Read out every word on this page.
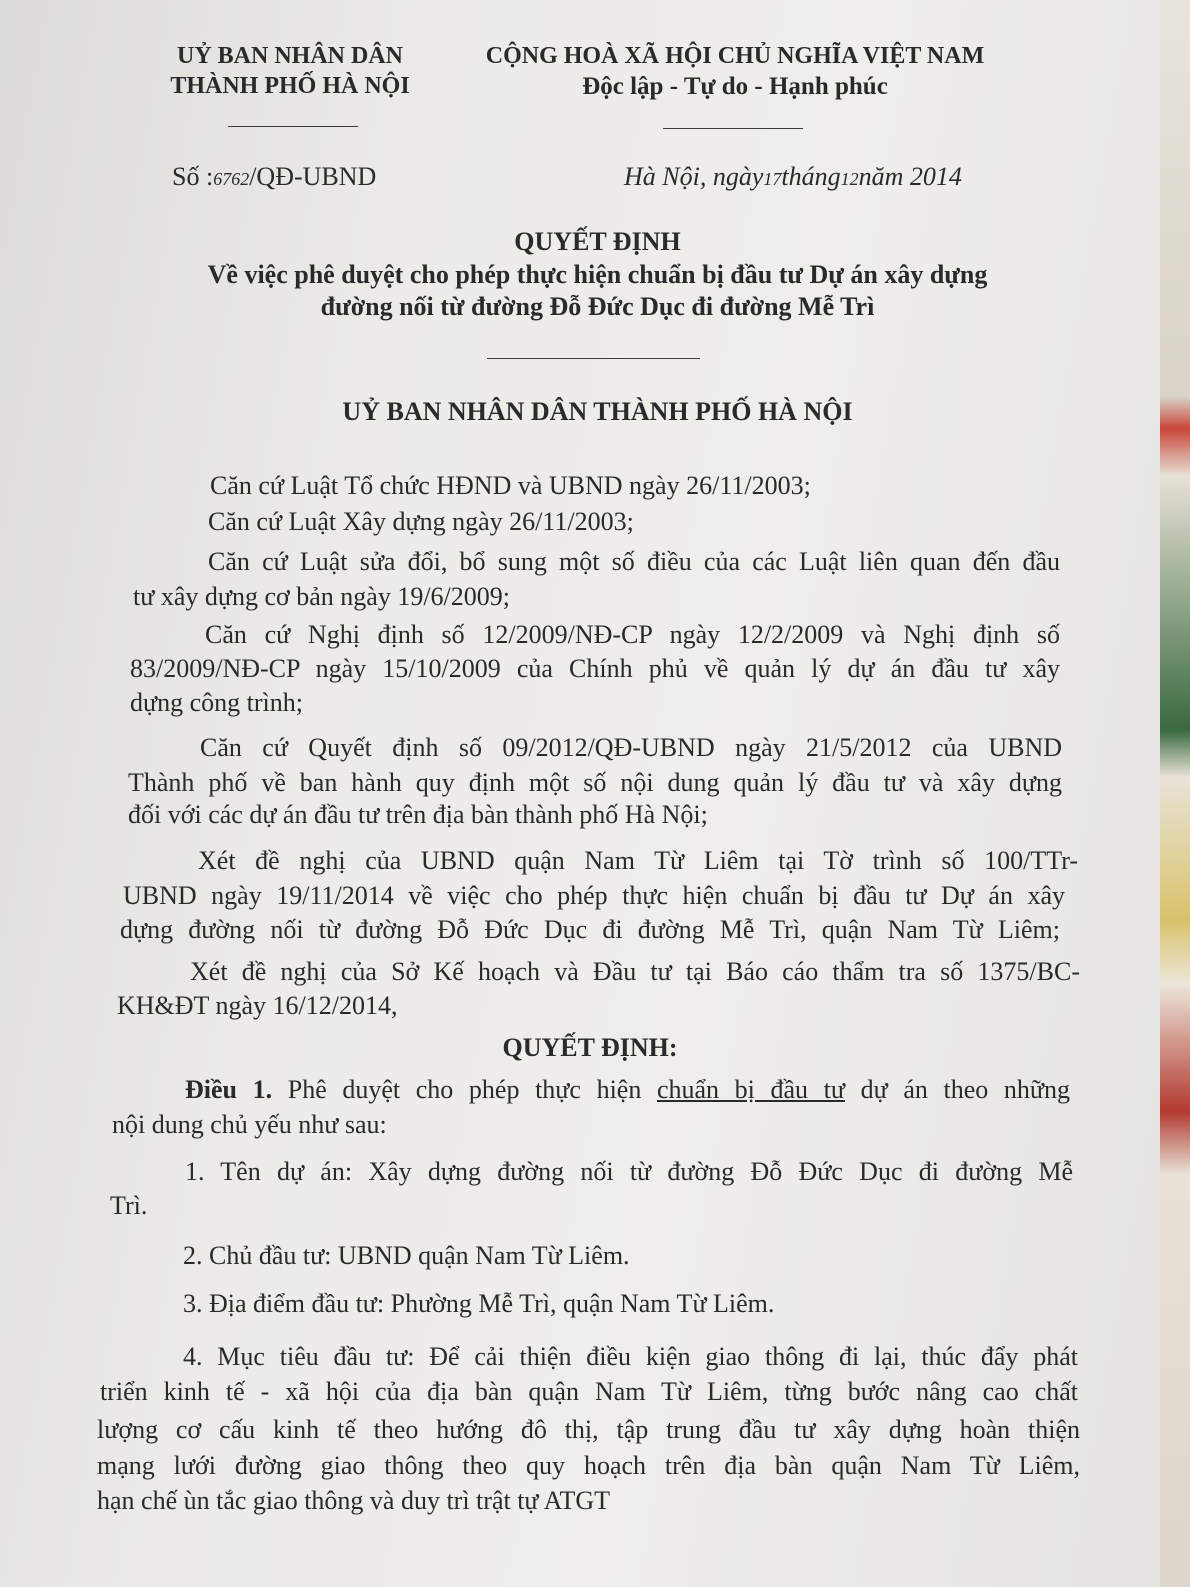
UỶ BAN NHÂN DÂN
THÀNH PHỐ HÀ NỘI
CỘNG HOÀ XÃ HỘI CHỦ NGHĨA VIỆT NAM
Độc lập - Tự do - Hạnh phúc
Số :6762/QĐ-UBND	Hà Nội, ngày17tháng12năm 2014
QUYẾT ĐỊNH
Về việc phê duyệt cho phép thực hiện chuẩn bị đầu tư Dự án xây dựng
đường nối từ đường Đỗ Đức Dục đi đường Mễ Trì
UỶ BAN NHÂN DÂN THÀNH PHỐ HÀ NỘI
Căn cứ Luật Tổ chức HĐND và UBND ngày 26/11/2003;
Căn cứ Luật Xây dựng ngày 26/11/2003;
Căn cứ Luật sửa đổi, bổ sung một số điều của các Luật liên quan đến đầu
tư xây dựng cơ bản ngày 19/6/2009;
Căn cứ Nghị định số 12/2009/NĐ-CP ngày 12/2/2009 và Nghị định số
83/2009/NĐ-CP ngày 15/10/2009 của Chính phủ về quản lý dự án đầu tư xây
dựng công trình;
Căn cứ Quyết định số 09/2012/QĐ-UBND ngày 21/5/2012 của UBND
Thành phố về ban hành quy định một số nội dung quản lý đầu tư và xây dựng
đối với các dự án đầu tư trên địa bàn thành phố Hà Nội;
Xét đề nghị của UBND quận Nam Từ Liêm tại Tờ trình số 100/TTr-
UBND ngày 19/11/2014 về việc cho phép thực hiện chuẩn bị đầu tư Dự án xây
dựng đường nối từ đường Đỗ Đức Dục đi đường Mễ Trì, quận Nam Từ Liêm;
Xét đề nghị của Sở Kế hoạch và Đầu tư tại Báo cáo thẩm tra số 1375/BC-
KH&ĐT ngày 16/12/2014,
QUYẾT ĐỊNH:
Điều 1. Phê duyệt cho phép thực hiện chuẩn bị đầu tư dự án theo những
nội dung chủ yếu như sau:
1. Tên dự án: Xây dựng đường nối từ đường Đỗ Đức Dục đi đường Mễ
Trì.
2. Chủ đầu tư: UBND quận Nam Từ Liêm.
3. Địa điểm đầu tư: Phường Mễ Trì, quận Nam Từ Liêm.
4. Mục tiêu đầu tư: Để cải thiện điều kiện giao thông đi lại, thúc đẩy phát
triển kinh tế - xã hội của địa bàn quận Nam Từ Liêm, từng bước nâng cao chất
lượng cơ cấu kinh tế theo hướng đô thị, tập trung đầu tư xây dựng hoàn thiện
mạng lưới đường giao thông theo quy hoạch trên địa bàn quận Nam Từ Liêm,
hạn chế ùn tắc giao thông và duy trì trật tự ATGT
